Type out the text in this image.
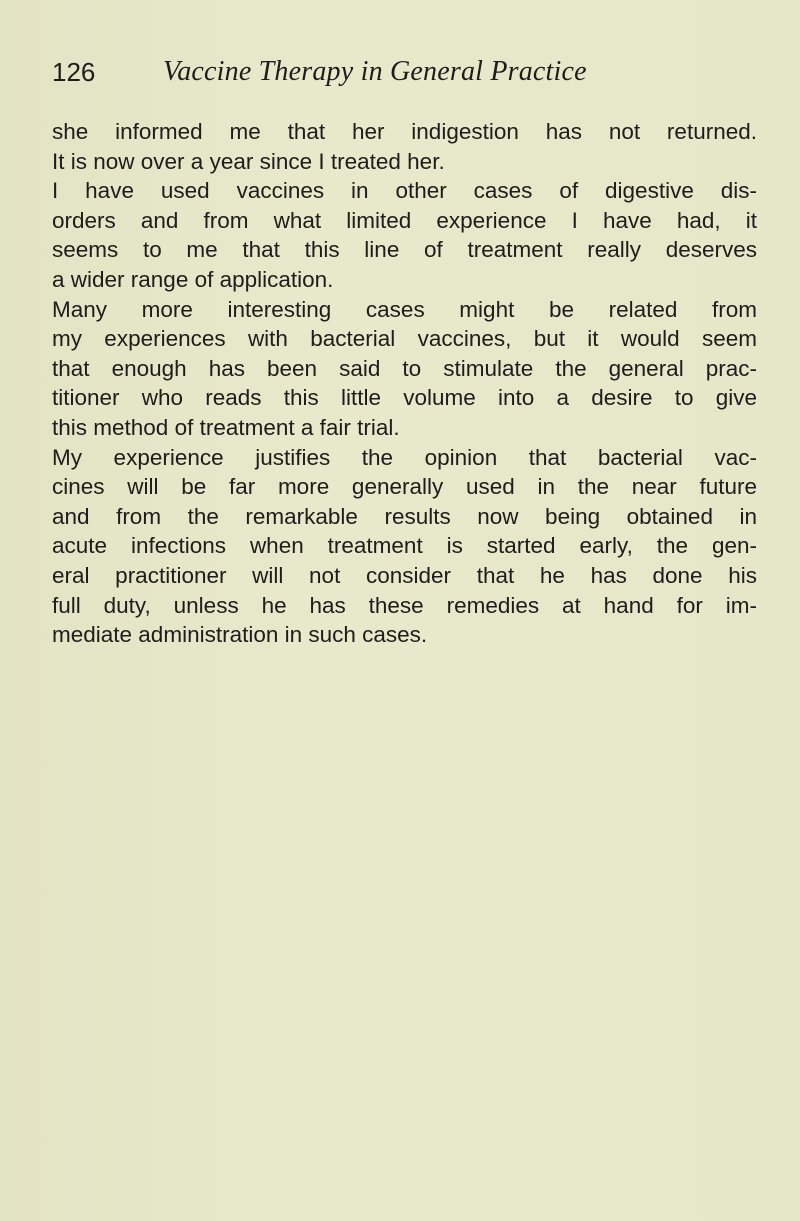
126 Vaccine Therapy in General Practice
she informed me that her indigestion has not returned.
It is now over a year since I treated her.
I have used vaccines in other cases of digestive dis-
orders and from what limited experience I have had, it
seems to me that this line of treatment really deserves
a wider range of application.
Many more interesting cases might be related from
my experiences with bacterial vaccines, but it would seem
that enough has been said to stimulate the general prac-
titioner who reads this little volume into a desire to give
this method of treatment a fair trial.
My experience justifies the opinion that bacterial vac-
cines will be far more generally used in the near future
and from the remarkable results now being obtained in
acute infections when treatment is started early, the gen-
eral practitioner will not consider that he has done his
full duty, unless he has these remedies at hand for im-
mediate administration in such cases.
